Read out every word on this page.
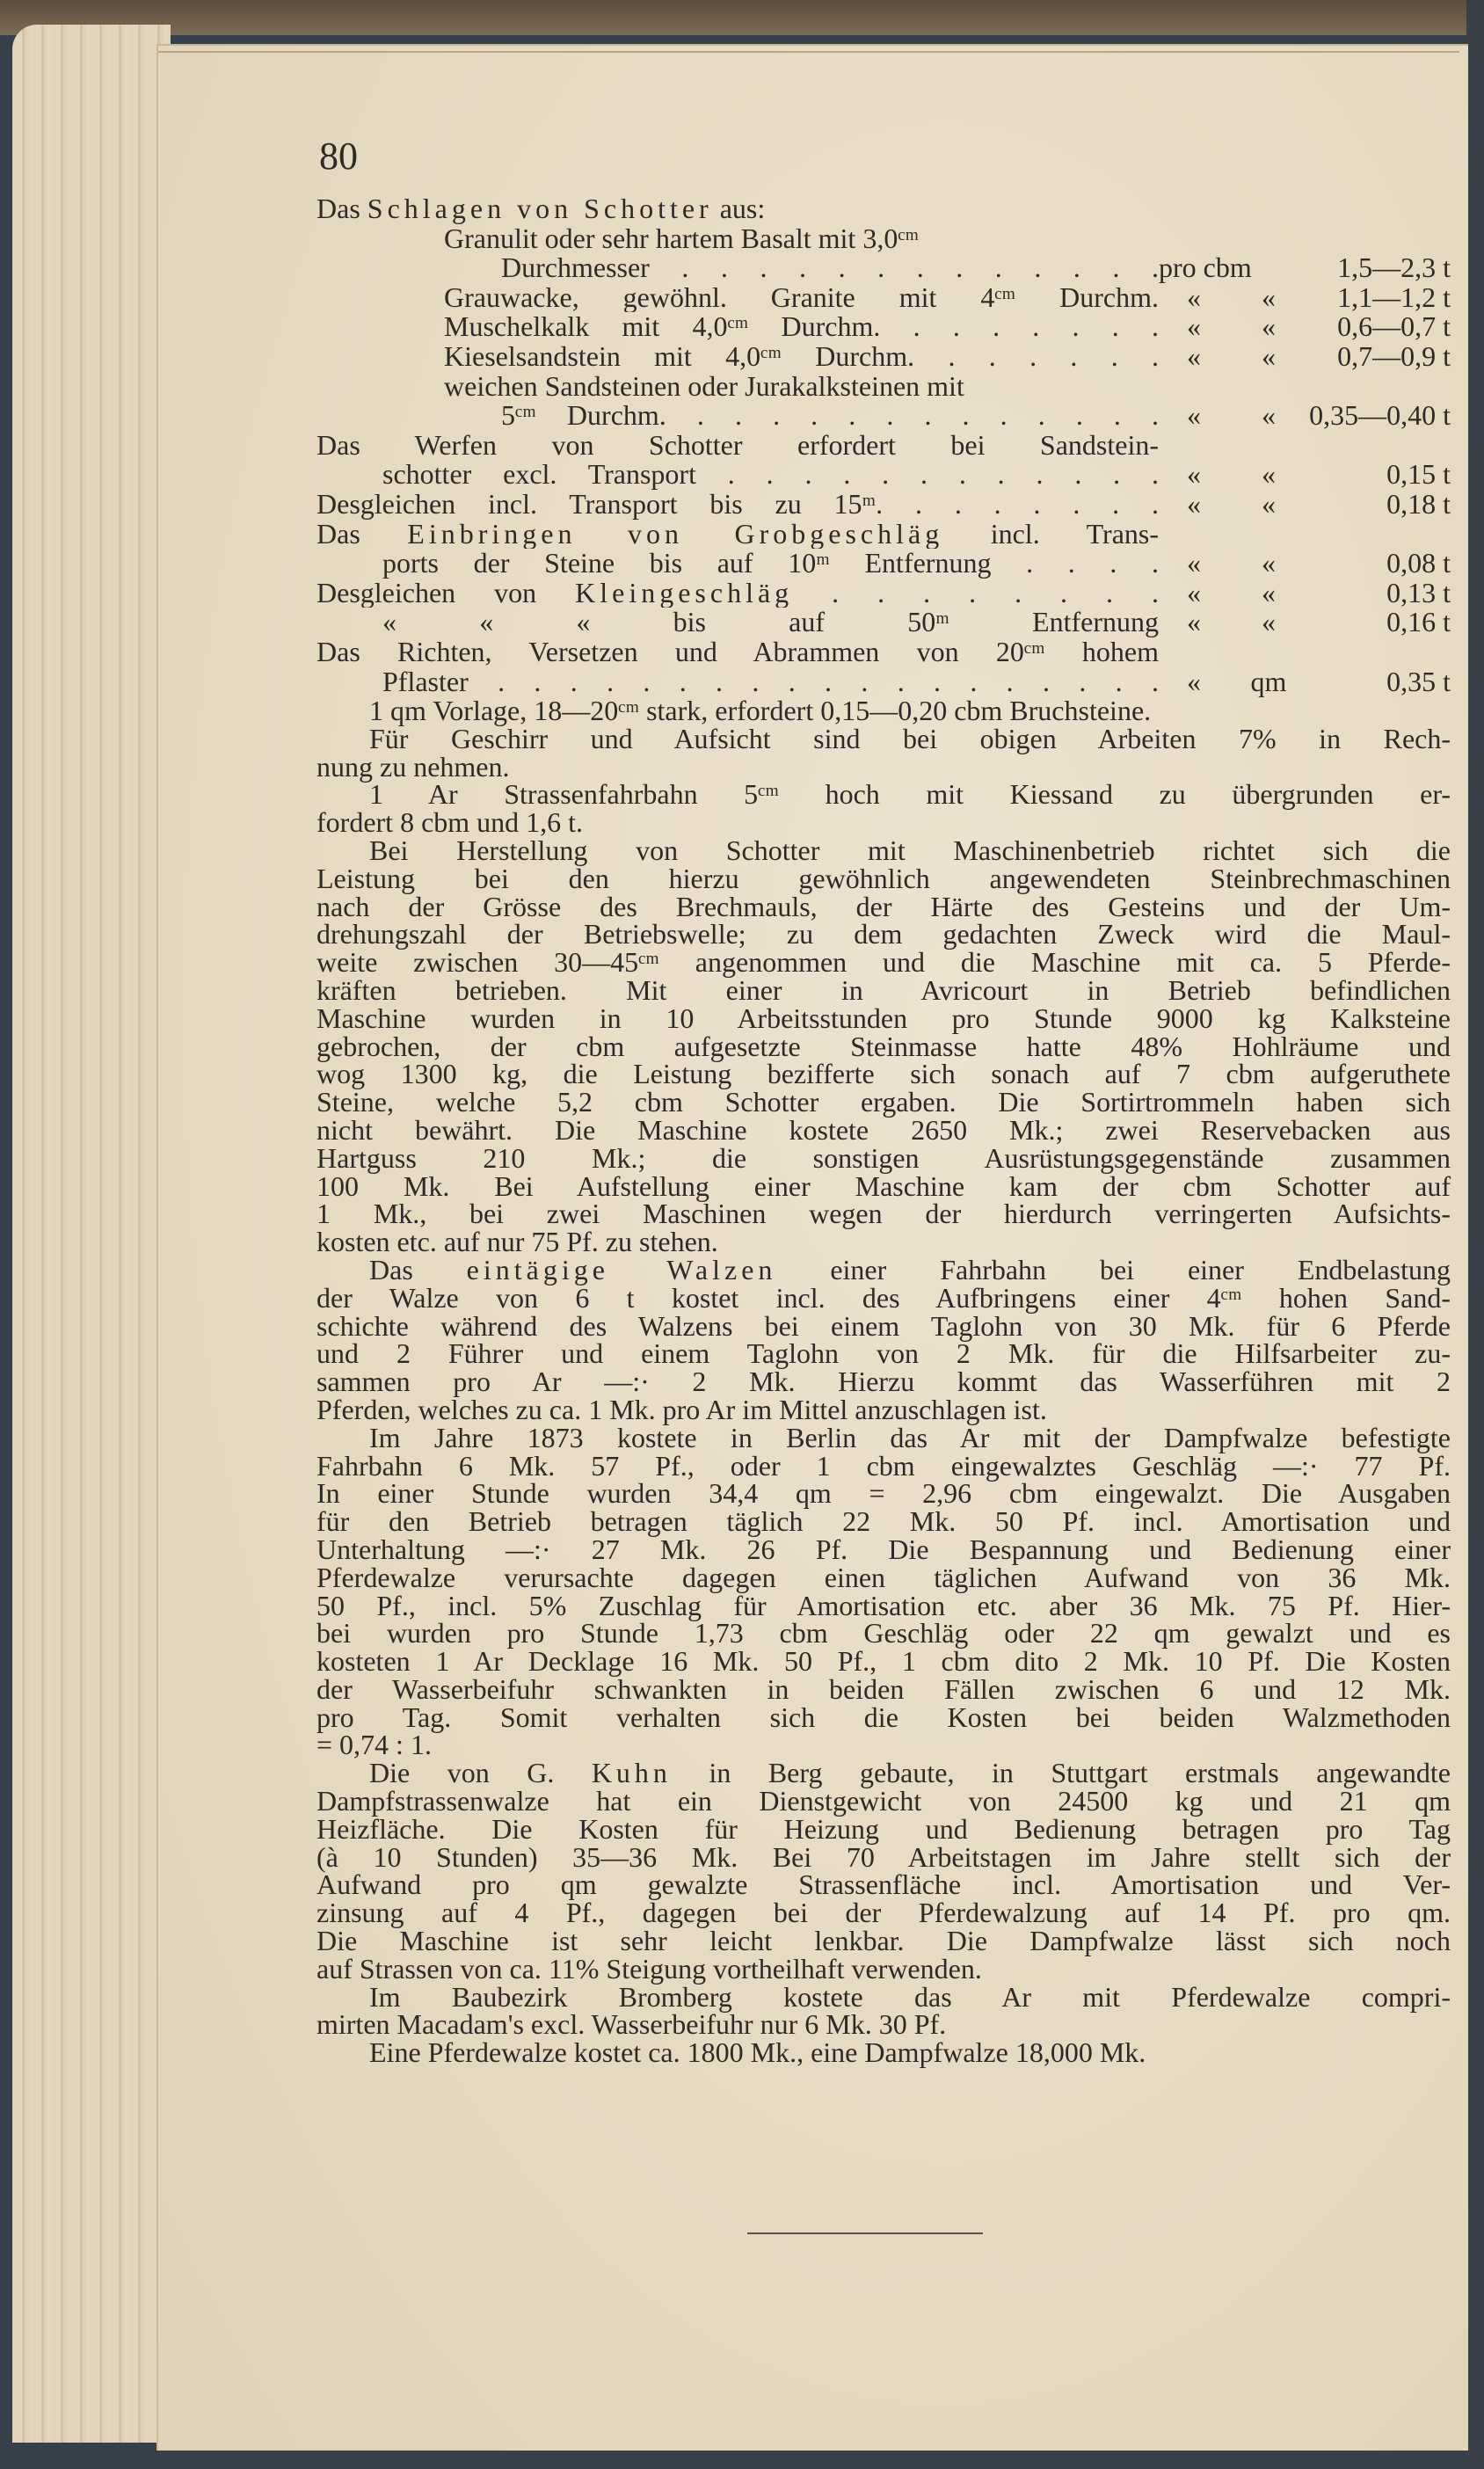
80
Das Schlagen von Schotter aus:
Granulit oder sehr hartem Basalt mit 3,0ᶜᵐ
Durchmesser . . . . . . . . . . . . . pro cbm	1,5—2,3 t
Grauwacke, gewöhnl. Granite mit 4ᶜᵐ Durchm.	«	«	1,1—1,2 t
Muschelkalk mit 4,0ᶜᵐ Durchm. . . . . . . .	«	«	0,6—0,7 t
Kieselsandstein mit 4,0ᶜᵐ Durchm. . . . . . .	«	«	0,7—0,9 t
weichen Sandsteinen oder Jurakalksteinen mit
5ᶜᵐ Durchm. . . . . . . . . . . . . .	«	«	0,35—0,40 t
Das Werfen von Schotter erfordert bei Sandstein-
schotter excl. Transport . . . . . . . . . . . .	«	«	0,15 t
Desgleichen incl. Transport bis zu 15ᵐ. . . . . . . .	«	«	0,18 t
Das Einbringen von Grobgeschläg incl. Trans-
ports der Steine bis auf 10ᵐ Entfernung . . . .	«	«	0,08 t
Desgleichen von Kleingeschläg . . . . . . . . «	«	0,13 t
« « « bis auf 50ᵐ Entfernung	«	«	0,16 t
Das Richten, Versetzen und Abrammen von 20ᶜᵐ hohem
Pflaster . . . . . . . . . . . . . . . . . . .	«	qm	0,35 t
1 qm Vorlage, 18—20ᶜᵐ stark, erfordert 0,15—0,20 cbm Bruchsteine.
Für Geschirr und Aufsicht sind bei obigen Arbeiten 7% in Rech-
nung zu nehmen.
1 Ar Strassenfahrbahn 5ᶜᵐ hoch mit Kiessand zu übergrunden er-
fordert 8 cbm und 1,6 t.
Bei Herstellung von Schotter mit Maschinenbetrieb richtet sich die
Leistung bei den hierzu gewöhnlich angewendeten Steinbrechmaschinen
nach der Grösse des Brechmauls, der Härte des Gesteins und der Um-
drehungszahl der Betriebswelle; zu dem gedachten Zweck wird die Maul-
weite zwischen 30—45ᶜᵐ angenommen und die Maschine mit ca. 5 Pferde-
kräften betrieben. Mit einer in Avricourt in Betrieb befindlichen
Maschine wurden in 10 Arbeitsstunden pro Stunde 9000 kg Kalksteine
gebrochen, der cbm aufgesetzte Steinmasse hatte 48% Hohlräume und
wog 1300 kg, die Leistung bezifferte sich sonach auf 7 cbm aufgeruthete
Steine, welche 5,2 cbm Schotter ergaben. Die Sortirtrommeln haben sich
nicht bewährt. Die Maschine kostete 2650 Mk.; zwei Reservebacken aus
Hartguss 210 Mk.; die sonstigen Ausrüstungsgegenstände zusammen
100 Mk. Bei Aufstellung einer Maschine kam der cbm Schotter auf
1 Mk., bei zwei Maschinen wegen der hierdurch verringerten Aufsichts-
kosten etc. auf nur 75 Pf. zu stehen.
Das eintägige Walzen einer Fahrbahn bei einer Endbelastung
der Walze von 6 t kostet incl. des Aufbringens einer 4ᶜᵐ hohen Sand-
schichte während des Walzens bei einem Taglohn von 30 Mk. für 6 Pferde
und 2 Führer und einem Taglohn von 2 Mk. für die Hilfsarbeiter zu-
sammen pro Ar —:· 2 Mk. Hierzu kommt das Wasserführen mit 2
Pferden, welches zu ca. 1 Mk. pro Ar im Mittel anzuschlagen ist.
Im Jahre 1873 kostete in Berlin das Ar mit der Dampfwalze befestigte
Fahrbahn 6 Mk. 57 Pf., oder 1 cbm eingewalztes Geschläg —:· 77 Pf.
In einer Stunde wurden 34,4 qm = 2,96 cbm eingewalzt. Die Ausgaben
für den Betrieb betragen täglich 22 Mk. 50 Pf. incl. Amortisation und
Unterhaltung —:· 27 Mk. 26 Pf. Die Bespannung und Bedienung einer
Pferdewalze verursachte dagegen einen täglichen Aufwand von 36 Mk.
50 Pf., incl. 5% Zuschlag für Amortisation etc. aber 36 Mk. 75 Pf. Hier-
bei wurden pro Stunde 1,73 cbm Geschläg oder 22 qm gewalzt und es
kosteten 1 Ar Decklage 16 Mk. 50 Pf., 1 cbm dito 2 Mk. 10 Pf. Die Kosten
der Wasserbeifuhr schwankten in beiden Fällen zwischen 6 und 12 Mk.
pro Tag. Somit verhalten sich die Kosten bei beiden Walzmethoden
= 0,74 : 1.
Die von G. Kuhn in Berg gebaute, in Stuttgart erstmals angewandte
Dampfstrassenwalze hat ein Dienstgewicht von 24500 kg und 21 qm
Heizfläche. Die Kosten für Heizung und Bedienung betragen pro Tag
(à 10 Stunden) 35—36 Mk. Bei 70 Arbeitstagen im Jahre stellt sich der
Aufwand pro qm gewalzte Strassenfläche incl. Amortisation und Ver-
zinsung auf 4 Pf., dagegen bei der Pferdewalzung auf 14 Pf. pro qm.
Die Maschine ist sehr leicht lenkbar. Die Dampfwalze lässt sich noch
auf Strassen von ca. 11% Steigung vortheilhaft verwenden.
Im Baubezirk Bromberg kostete das Ar mit Pferdewalze compri-
mirten Macadam's excl. Wasserbeifuhr nur 6 Mk. 30 Pf.
Eine Pferdewalze kostet ca. 1800 Mk., eine Dampfwalze 18,000 Mk.
